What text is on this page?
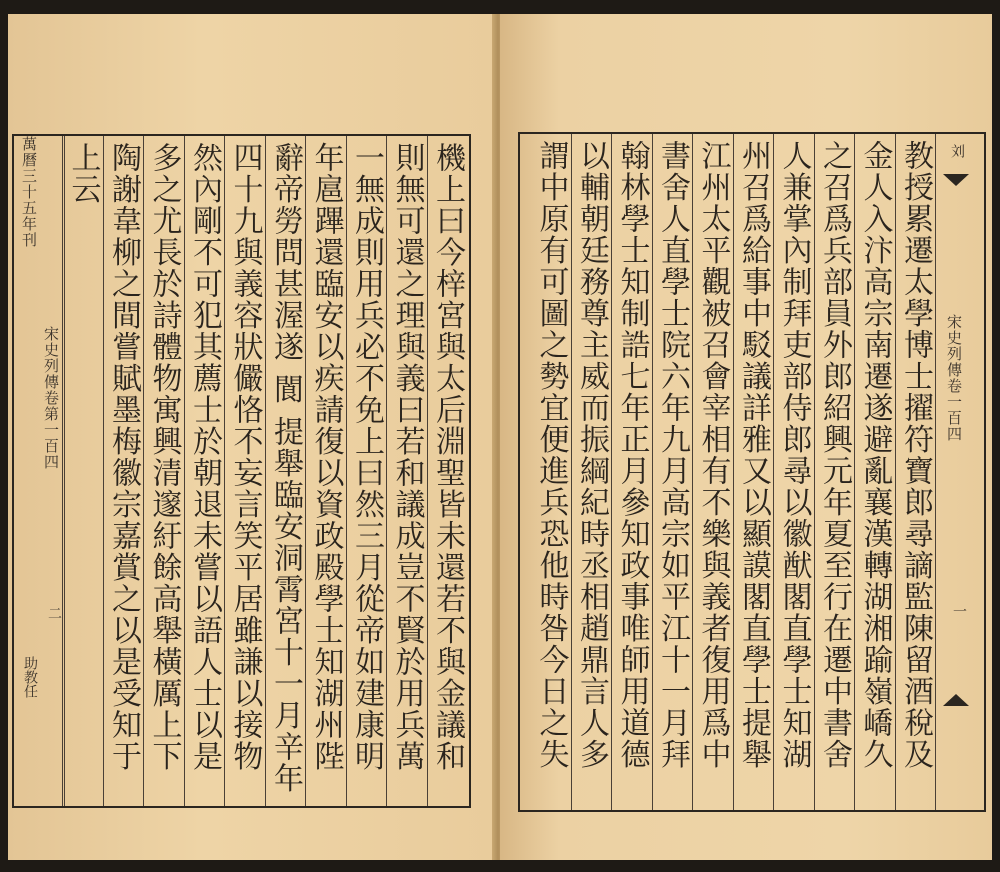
萬曆三十五年刊
宋史列傳卷第一百四
二
助教任	機上曰今梓宮與太后淵聖皆未還若不與金議和
則無可還之理與義曰若和議成豈不賢於用兵萬
一無成則用兵必不免上曰然三月從帝如建康明
年扈蹕還臨安以疾請復以資政殿學士知湖州陛
辭帝勞問甚渥遂 閬 提舉臨安洞霄宮十一月辛年
四十九與義容狀儼恪不妄言笑平居雖謙以接物
然內剛不可犯其薦士於朝退未嘗以語人士以是
多之尤長於詩體物寓興清邃紆餘高舉橫厲上下
陶謝韋柳之間嘗賦墨梅徽宗嘉賞之以是受知于
上云	教授累遷太學博士擢符寶郎尋謫監陳留酒稅及
金人入汴高宗南遷遂避亂襄漢轉湖湘踰嶺嶠久
之召爲兵部員外郎紹興元年夏至行在遷中書舍
人兼掌內制拜吏部侍郎尋以徽猷閣直學士知湖
州召爲給事中駁議詳雅又以顯謨閣直學士提舉
江州太平觀被召會宰相有不樂與義者復用爲中
書舍人直學士院六年九月高宗如平江十一月拜
翰林學士知制誥七年正月參知政事唯師用道德
以輔朝廷務尊主威而振綱紀時丞相趙鼎言人多
謂中原有可圖之勢宜便進兵恐他時咎今日之失	宋史列傳卷一百四
刘
一
